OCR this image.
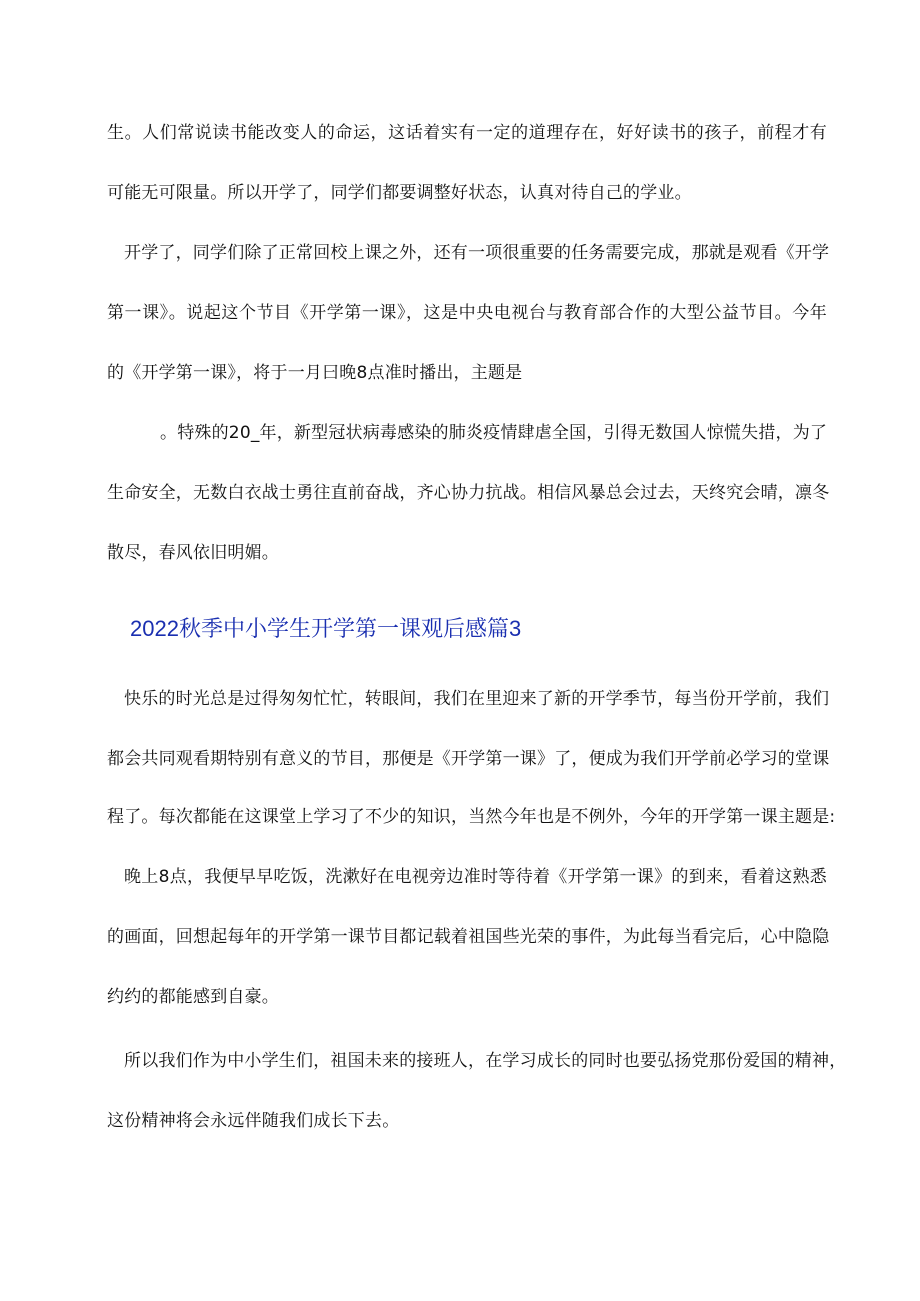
生。人们常说读书能改变人的命运，这话着实有一定的道理存在，好好读书的孩子，前程才有
可能无可限量。所以开学了，同学们都要调整好状态，认真对待自己的学业。
开学了，同学们除了正常回校上课之外，还有一项很重要的任务需要完成，那就是观看《开学
第一课》。说起这个节目《开学第一课》，这是中央电视台与教育部合作的大型公益节目。今年
的《开学第一课》，将于一月曰晚8点准时播出，主题是
。特殊的20_年，新型冠状病毒感染的肺炎疫情肆虐全国，引得无数国人惊慌失措，为了
生命安全，无数白衣战士勇往直前奋战，齐心协力抗战。相信风暴总会过去，天终究会晴，凛冬
散尽，春风依旧明媚。
2022秋季中小学生开学第一课观后感篇3
快乐的时光总是过得匆匆忙忙，转眼间，我们在里迎来了新的开学季节，每当份开学前，我们
都会共同观看期特别有意义的节目，那便是《开学第一课》了，便成为我们开学前必学习的堂课
程了。每次都能在这课堂上学习了不少的知识，当然今年也是不例外，今年的开学第一课主题是:
晚上8点，我便早早吃饭，洗漱好在电视旁边准时等待着《开学第一课》的到来，看着这熟悉
的画面，回想起每年的开学第一课节目都记载着祖国些光荣的事件，为此每当看完后，心中隐隐
约约的都能感到自豪。
所以我们作为中小学生们，祖国未来的接班人，在学习成长的同时也要弘扬党那份爱国的精神，
这份精神将会永远伴随我们成长下去。
